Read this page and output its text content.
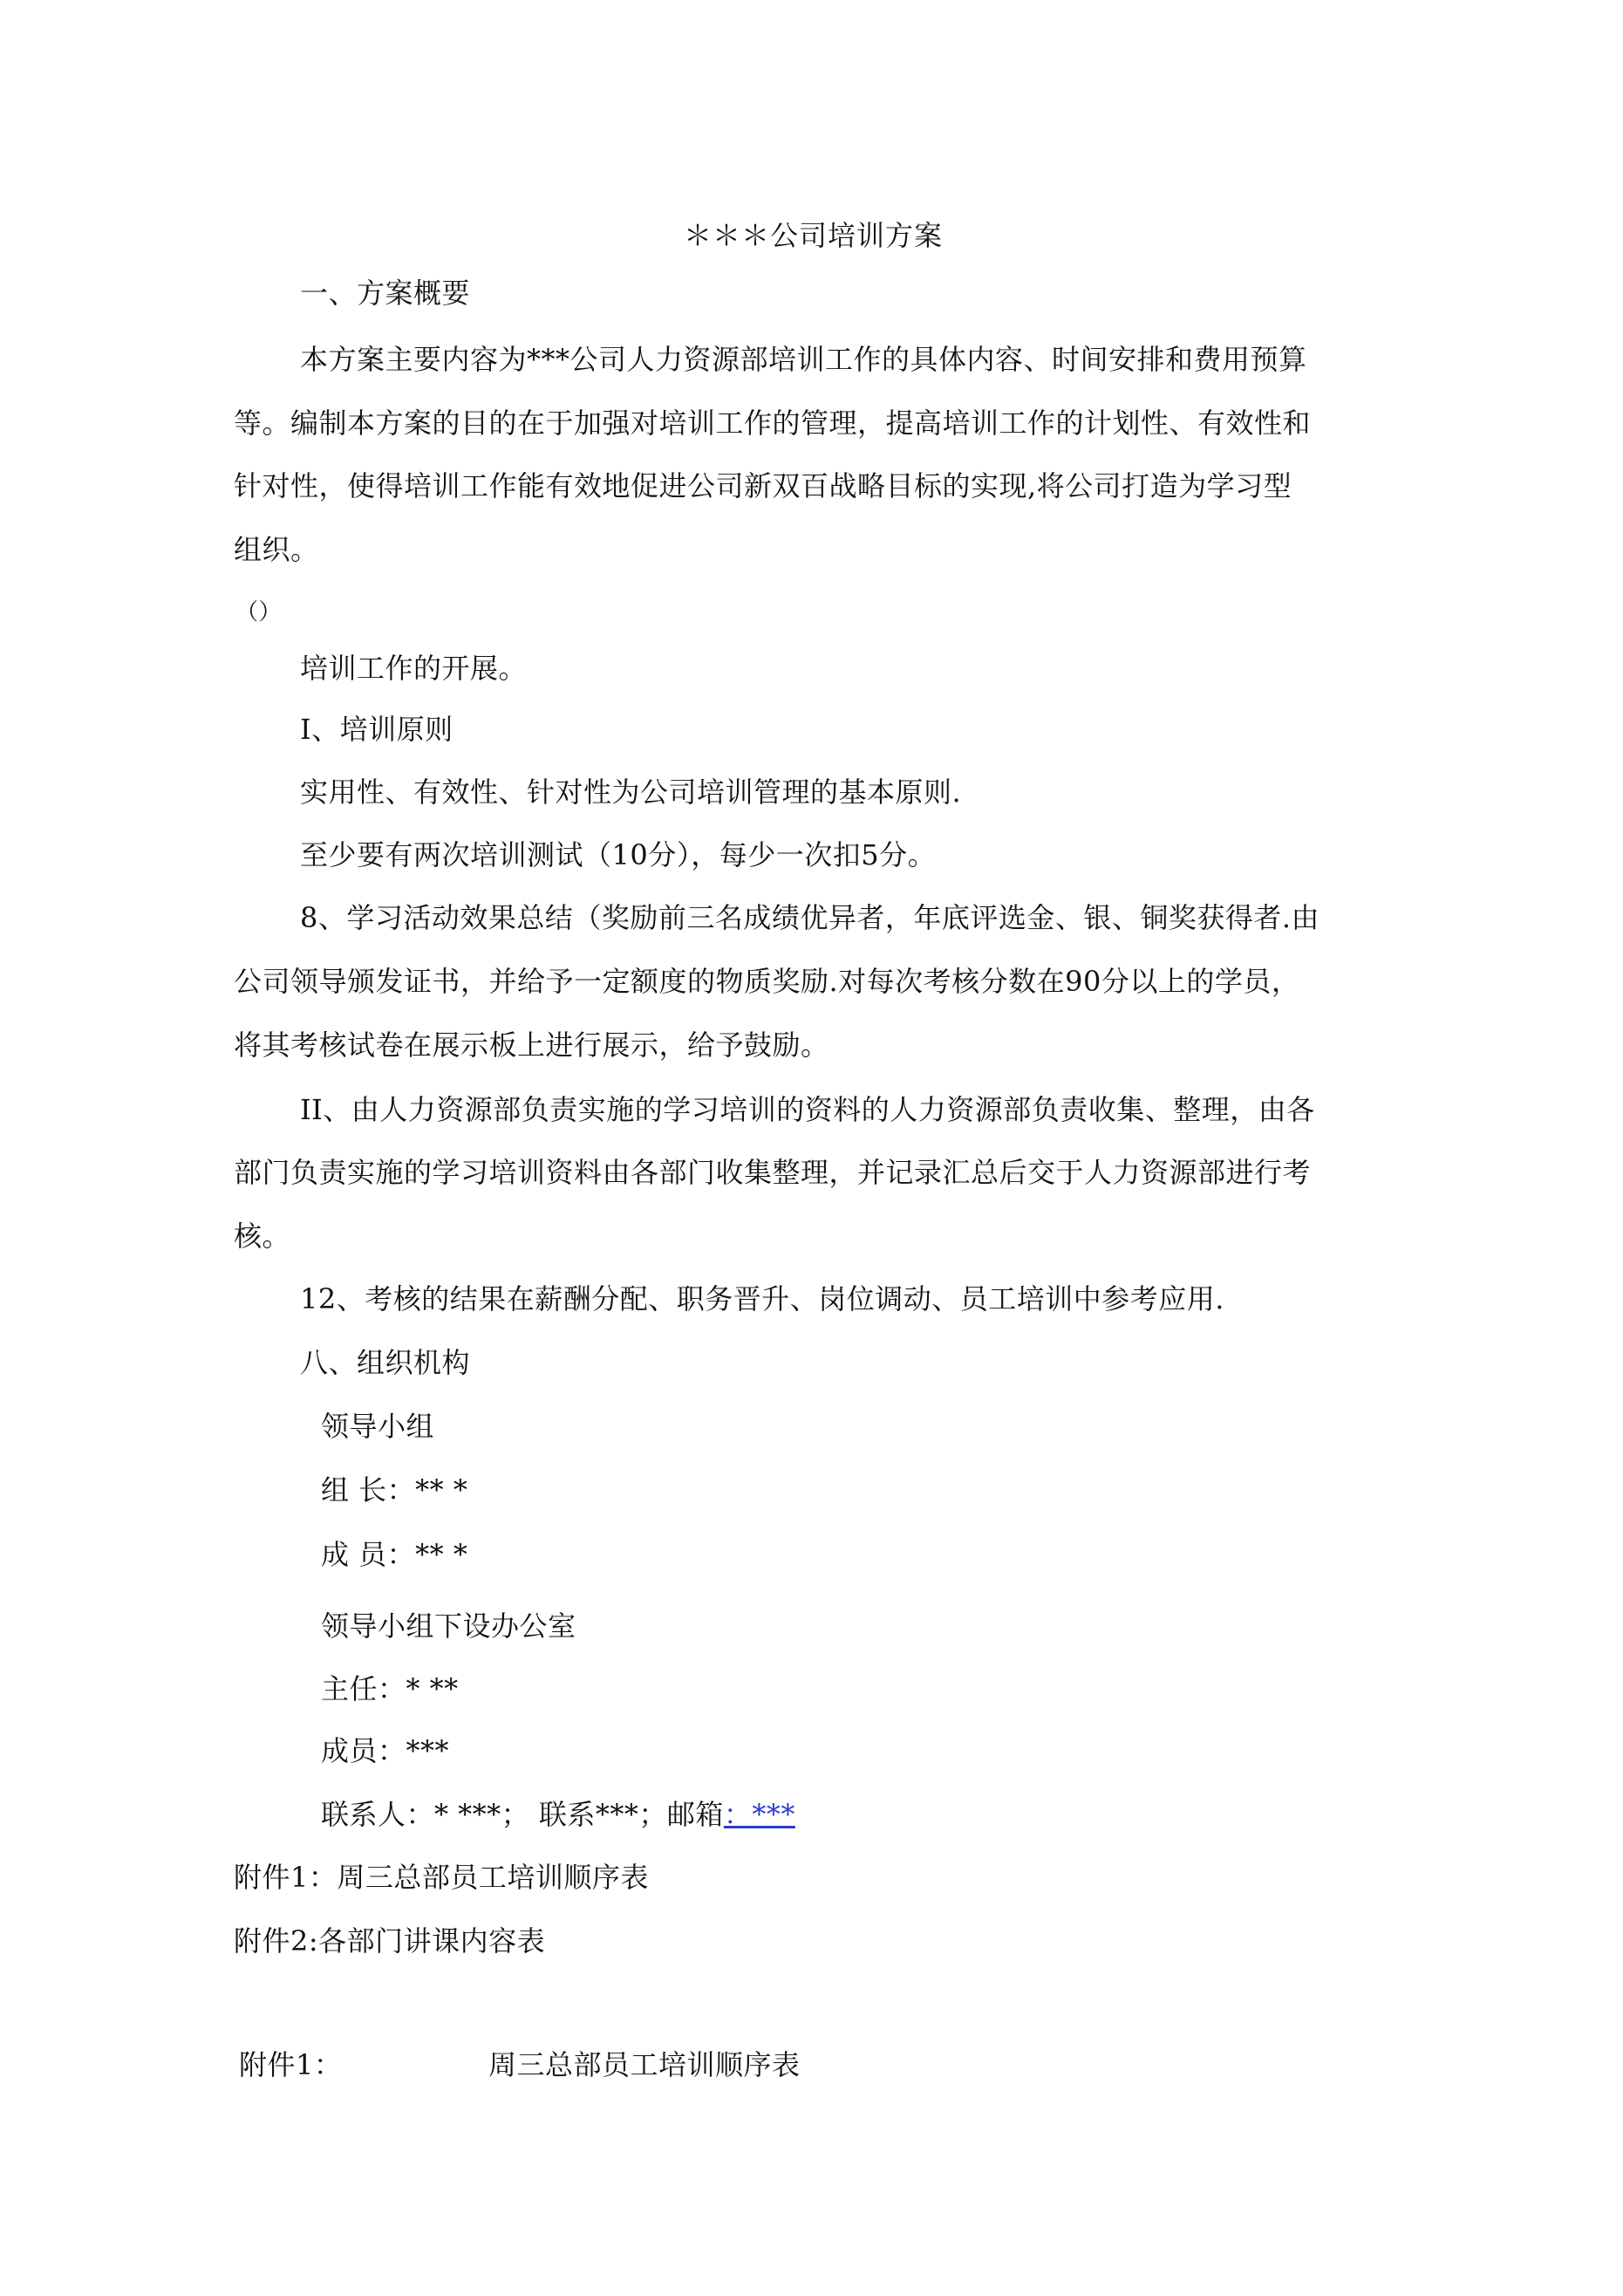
＊＊＊公司培训方案

一、方案概要

本方案主要内容为***公司人力资源部培训工作的具体内容、时间安排和费用预算

等。编制本方案的目的在于加强对培训工作的管理，提高培训工作的计划性、有效性和

针对性，使得培训工作能有效地促进公司新双百战略目标的实现,将公司打造为学习型

组织。

（）

培训工作的开展。

I、培训原则

实用性、有效性、针对性为公司培训管理的基本原则.

至少要有两次培训测试（10分），每少一次扣5分。

8、学习活动效果总结（奖励前三名成绩优异者，年底评选金、银、铜奖获得者.由

公司领导颁发证书，并给予一定额度的物质奖励.对每次考核分数在90分以上的学员，

将其考核试卷在展示板上进行展示，给予鼓励。

II、由人力资源部负责实施的学习培训的资料的人力资源部负责收集、整理，由各

部门负责实施的学习培训资料由各部门收集整理，并记录汇总后交于人力资源部进行考

核。

12、考核的结果在薪酬分配、职务晋升、岗位调动、员工培训中参考应用.

八、组织机构

领导小组

组 长：** *

成 员：** *

领导小组下设办公室

主任：* **

成员：***

联系人：* ***； 联系***；邮箱：***

附件1：周三总部员工培训顺序表

附件2:各部门讲课内容表

附件1：	周三总部员工培训顺序表
